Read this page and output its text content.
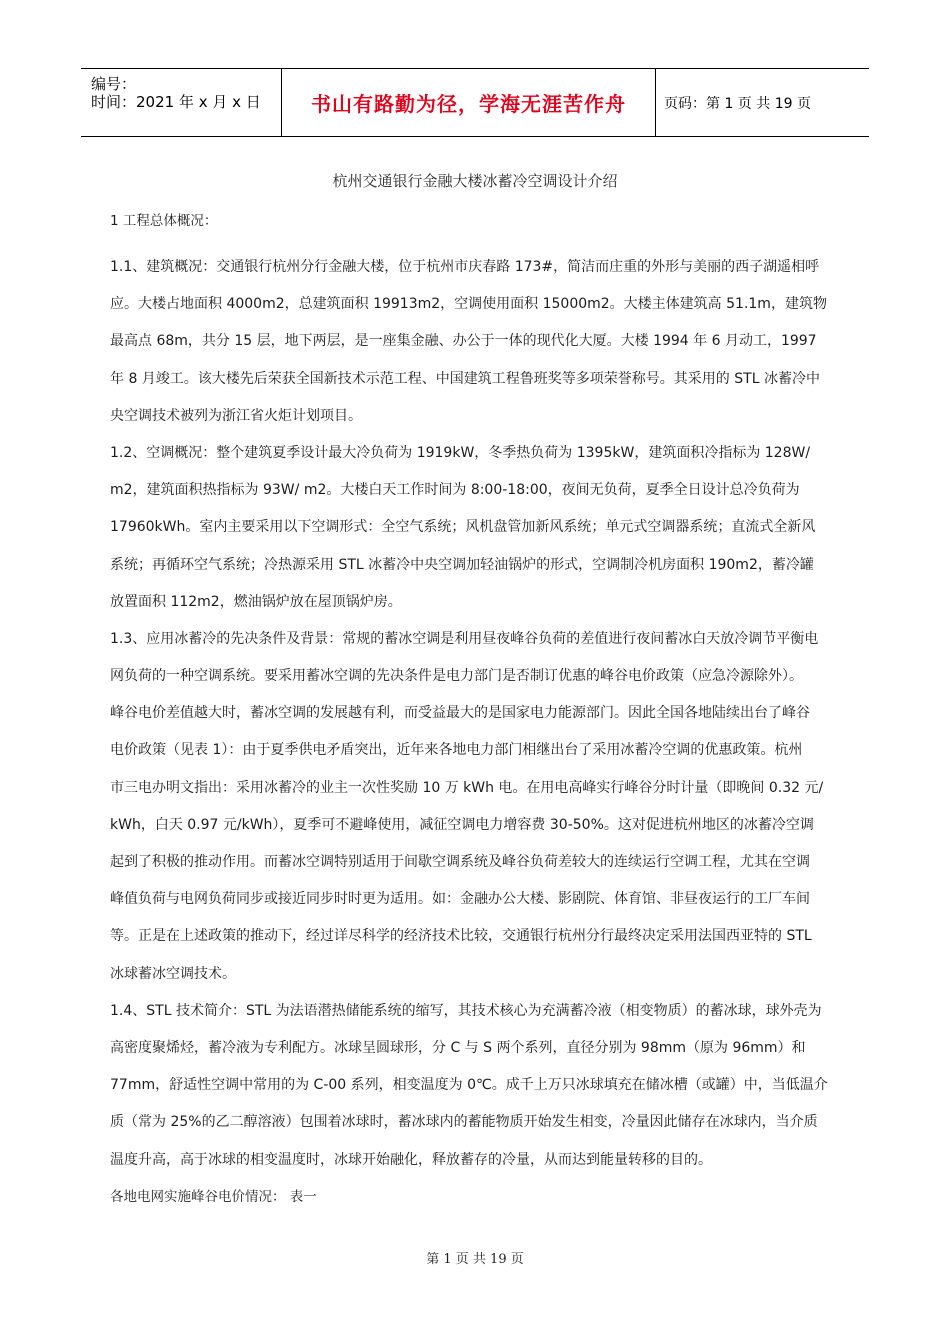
编号：
时间：2021 年 x 月 x 日	书山有路勤为径，学海无涯苦作舟	页码：第 1 页 共 19 页
杭州交通银行金融大楼冰蓄冷空调设计介绍
1 工程总体概况：
1.1、建筑概况：交通银行杭州分行金融大楼，位于杭州市庆春路 173#，简洁而庄重的外形与美丽的西子湖遥相呼
应。大楼占地面积 4000m2，总建筑面积 19913m2，空调使用面积 15000m2。大楼主体建筑高 51.1m，建筑物
最高点 68m，共分 15 层，地下两层，是一座集金融、办公于一体的现代化大厦。大楼 1994 年 6 月动工，1997
年 8 月竣工。该大楼先后荣获全国新技术示范工程、中国建筑工程鲁班奖等多项荣誉称号。其采用的 STL 冰蓄冷中
央空调技术被列为浙江省火炬计划项目。
1.2、空调概况：整个建筑夏季设计最大冷负荷为 1919kW，冬季热负荷为 1395kW，建筑面积冷指标为 128W/
m2，建筑面积热指标为 93W/ m2。大楼白天工作时间为 8:00-18:00，夜间无负荷，夏季全日设计总冷负荷为
17960kWh。室内主要采用以下空调形式：全空气系统；风机盘管加新风系统；单元式空调器系统；直流式全新风
系统；再循环空气系统；冷热源采用 STL 冰蓄冷中央空调加轻油锅炉的形式，空调制冷机房面积 190m2，蓄冷罐
放置面积 112m2，燃油锅炉放在屋顶锅炉房。
1.3、应用冰蓄冷的先决条件及背景：常规的蓄冰空调是利用昼夜峰谷负荷的差值进行夜间蓄冰白天放冷调节平衡电
网负荷的一种空调系统。要采用蓄冰空调的先决条件是电力部门是否制订优惠的峰谷电价政策（应急冷源除外）。
峰谷电价差值越大时，蓄冰空调的发展越有利，而受益最大的是国家电力能源部门。因此全国各地陆续出台了峰谷
电价政策（见表 1）：由于夏季供电矛盾突出，近年来各地电力部门相继出台了采用冰蓄冷空调的优惠政策。杭州
市三电办明文指出：采用冰蓄冷的业主一次性奖励 10 万 kWh 电。在用电高峰实行峰谷分时计量（即晚间 0.32 元/
kWh，白天 0.97 元/kWh），夏季可不避峰使用，减征空调电力增容费 30-50%。这对促进杭州地区的冰蓄冷空调
起到了积极的推动作用。而蓄冰空调特别适用于间歇空调系统及峰谷负荷差较大的连续运行空调工程，尤其在空调
峰值负荷与电网负荷同步或接近同步时时更为适用。如：金融办公大楼、影剧院、体育馆、非昼夜运行的工厂车间
等。正是在上述政策的推动下，经过详尽科学的经济技术比较，交通银行杭州分行最终决定采用法国西亚特的 STL
冰球蓄冰空调技术。
1.4、STL 技术简介：STL 为法语潜热储能系统的缩写，其技术核心为充满蓄冷液（相变物质）的蓄冰球，球外壳为
高密度聚烯烃，蓄冷液为专利配方。冰球呈圆球形，分 C 与 S 两个系列，直径分别为 98mm（原为 96mm）和
77mm，舒适性空调中常用的为 C-00 系列，相变温度为 0℃。成千上万只冰球填充在储冰槽（或罐）中，当低温介
质（常为 25%的乙二醇溶液）包围着冰球时，蓄冰球内的蓄能物质开始发生相变，冷量因此储存在冰球内，当介质
温度升高，高于冰球的相变温度时，冰球开始融化，释放蓄存的冷量，从而达到能量转移的目的。
各地电网实施峰谷电价情况： 表一
第 1 页 共 19 页
